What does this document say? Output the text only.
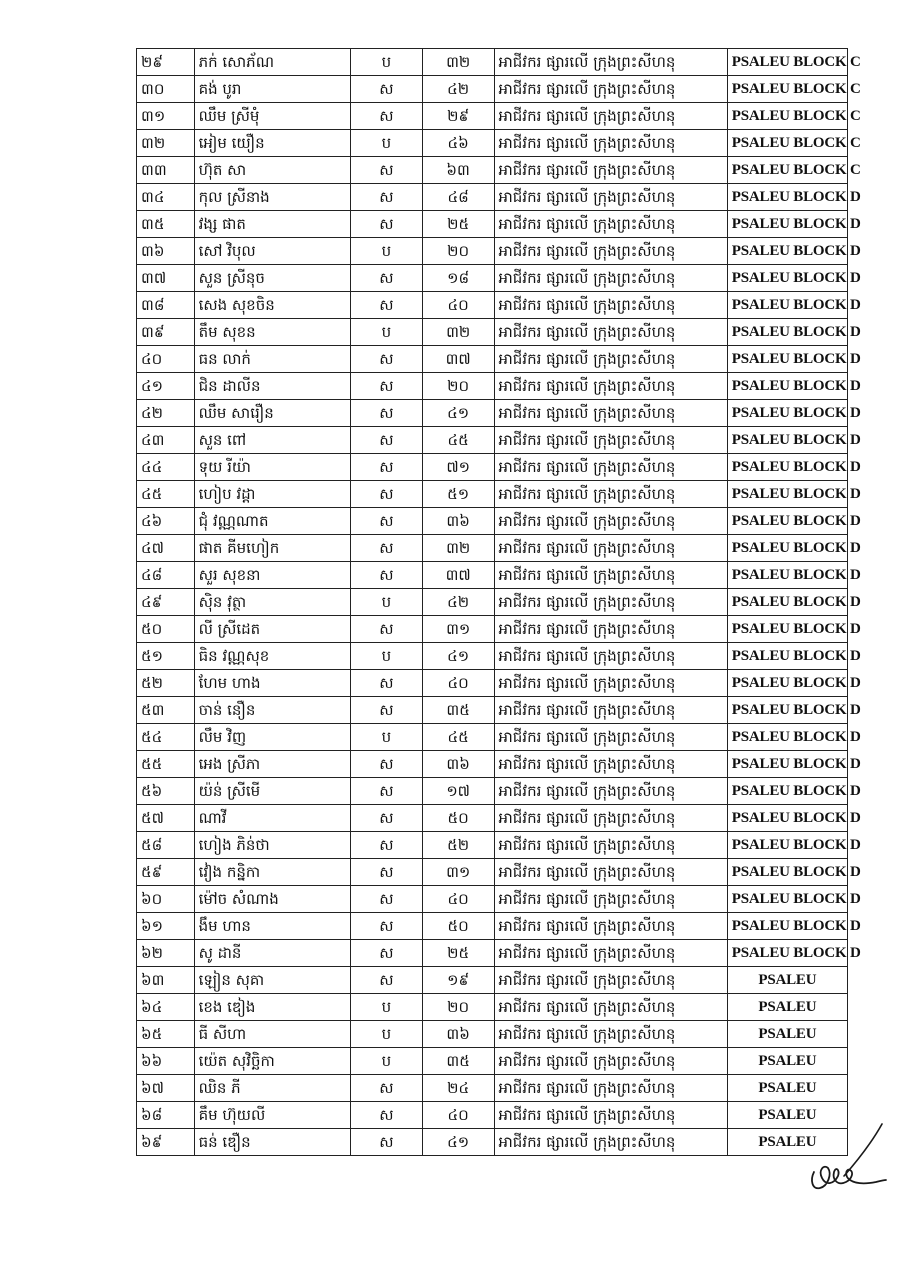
២៩	ភក់ សោភ័ណ	ប	៣២	អាជីវករ ផ្សារលើ ក្រុងព្រះសីហនុ	PSALEU BLOCK C
៣០	គង់ បូរា	ស	៤២	អាជីវករ ផ្សារលើ ក្រុងព្រះសីហនុ	PSALEU BLOCK C
៣១	ឈឹម ស្រីមុំ	ស	២៩	អាជីវករ ផ្សារលើ ក្រុងព្រះសីហនុ	PSALEU BLOCK C
៣២	អៀម យឿន	ប	៤៦	អាជីវករ ផ្សារលើ ក្រុងព្រះសីហនុ	PSALEU BLOCK C
៣៣	ហ៊ុត សា	ស	៦៣	អាជីវករ ផ្សារលើ ក្រុងព្រះសីហនុ	PSALEU BLOCK C
៣៤	កុល ស្រីនាង	ស	៤៨	អាជីវករ ផ្សារលើ ក្រុងព្រះសីហនុ	PSALEU BLOCK D
៣៥	វង្ស ផាត	ស	២៥	អាជីវករ ផ្សារលើ ក្រុងព្រះសីហនុ	PSALEU BLOCK D
៣៦	សៅ វិបុល	ប	២០	អាជីវករ ផ្សារលើ ក្រុងព្រះសីហនុ	PSALEU BLOCK D
៣៧	សួន ស្រីនុច	ស	១៨	អាជីវករ ផ្សារលើ ក្រុងព្រះសីហនុ	PSALEU BLOCK D
៣៨	សេង សុខចិន	ស	៤០	អាជីវករ ផ្សារលើ ក្រុងព្រះសីហនុ	PSALEU BLOCK D
៣៩	តឹម សុខន	ប	៣២	អាជីវករ ផ្សារលើ ក្រុងព្រះសីហនុ	PSALEU BLOCK D
៤០	ធន លាក់	ស	៣៧	អាជីវករ ផ្សារលើ ក្រុងព្រះសីហនុ	PSALEU BLOCK D
៤១	ជិន ដាលីន	ស	២០	អាជីវករ ផ្សារលើ ក្រុងព្រះសីហនុ	PSALEU BLOCK D
៤២	ឈឹម សារឿន	ស	៤១	អាជីវករ ផ្សារលើ ក្រុងព្រះសីហនុ	PSALEU BLOCK D
៤៣	សួន ពៅ	ស	៤៥	អាជីវករ ផ្សារលើ ក្រុងព្រះសីហនុ	PSALEU BLOCK D
៤៤	ទុយ រីយ៉ា	ស	៧១	អាជីវករ ផ្សារលើ ក្រុងព្រះសីហនុ	PSALEU BLOCK D
៤៥	ហៀប វដ្ដា	ស	៥១	អាជីវករ ផ្សារលើ ក្រុងព្រះសីហនុ	PSALEU BLOCK D
៤៦	ជុំ វណ្ណណាត	ស	៣៦	អាជីវករ ផ្សារលើ ក្រុងព្រះសីហនុ	PSALEU BLOCK D
៤៧	ផាត គីមហៀក	ស	៣២	អាជីវករ ផ្សារលើ ក្រុងព្រះសីហនុ	PSALEU BLOCK D
៤៨	សួរ សុខនា	ស	៣៧	អាជីវករ ផ្សារលើ ក្រុងព្រះសីហនុ	PSALEU BLOCK D
៤៩	ស៊ិន វុត្ថា	ប	៤២	អាជីវករ ផ្សារលើ ក្រុងព្រះសីហនុ	PSALEU BLOCK D
៥០	លី ស្រីដេត	ស	៣១	អាជីវករ ផ្សារលើ ក្រុងព្រះសីហនុ	PSALEU BLOCK D
៥១	ធិន វណ្ណសុខ	ប	៤១	អាជីវករ ផ្សារលើ ក្រុងព្រះសីហនុ	PSALEU BLOCK D
៥២	ហែម ហាង	ស	៤០	អាជីវករ ផ្សារលើ ក្រុងព្រះសីហនុ	PSALEU BLOCK D
៥៣	ចាន់ នឿន	ស	៣៥	អាជីវករ ផ្សារលើ ក្រុងព្រះសីហនុ	PSALEU BLOCK D
៥៤	លឹម វិញ	ប	៤៥	អាជីវករ ផ្សារលើ ក្រុងព្រះសីហនុ	PSALEU BLOCK D
៥៥	អេង ស្រីភា	ស	៣៦	អាជីវករ ផ្សារលើ ក្រុងព្រះសីហនុ	PSALEU BLOCK D
៥៦	យ៉ន់ ស្រីមើ	ស	១៧	អាជីវករ ផ្សារលើ ក្រុងព្រះសីហនុ	PSALEU BLOCK D
៥៧	ណាវី	ស	៥០	អាជីវករ ផ្សារលើ ក្រុងព្រះសីហនុ	PSALEU BLOCK D
៥៨	ហៀង ភិន់ថា	ស	៥២	អាជីវករ ផ្សារលើ ក្រុងព្រះសីហនុ	PSALEU BLOCK D
៥៩	វៀង កន្និកា	ស	៣១	អាជីវករ ផ្សារលើ ក្រុងព្រះសីហនុ	PSALEU BLOCK D
៦០	ម៉ៅច សំណាង	ស	៤០	អាជីវករ ផ្សារលើ ក្រុងព្រះសីហនុ	PSALEU BLOCK D
៦១	ងឹម ហាន	ស	៥០	អាជីវករ ផ្សារលើ ក្រុងព្រះសីហនុ	PSALEU BLOCK D
៦២	សូ ដានី	ស	២៥	អាជីវករ ផ្សារលើ ក្រុងព្រះសីហនុ	PSALEU BLOCK D
៦៣	ឡៀន សុគា	ស	១៩	អាជីវករ ផ្សារលើ ក្រុងព្រះសីហនុ	PSALEU
៦៤	ខេង ឌៀង	ប	២០	អាជីវករ ផ្សារលើ ក្រុងព្រះសីហនុ	PSALEU
៦៥	ធី សីហា	ប	៣៦	អាជីវករ ផ្សារលើ ក្រុងព្រះសីហនុ	PSALEU
៦៦	យ៉េត សុវិច្ឆិកា	ប	៣៥	អាជីវករ ផ្សារលើ ក្រុងព្រះសីហនុ	PSALEU
៦៧	ឈិន ភី	ស	២៤	អាជីវករ ផ្សារលើ ក្រុងព្រះសីហនុ	PSALEU
៦៨	គឹម ហ៊ុយលី	ស	៤០	អាជីវករ ផ្សារលើ ក្រុងព្រះសីហនុ	PSALEU
៦៩	ធន់ ឌឿន	ស	៤១	អាជីវករ ផ្សារលើ ក្រុងព្រះសីហនុ	PSALEU
